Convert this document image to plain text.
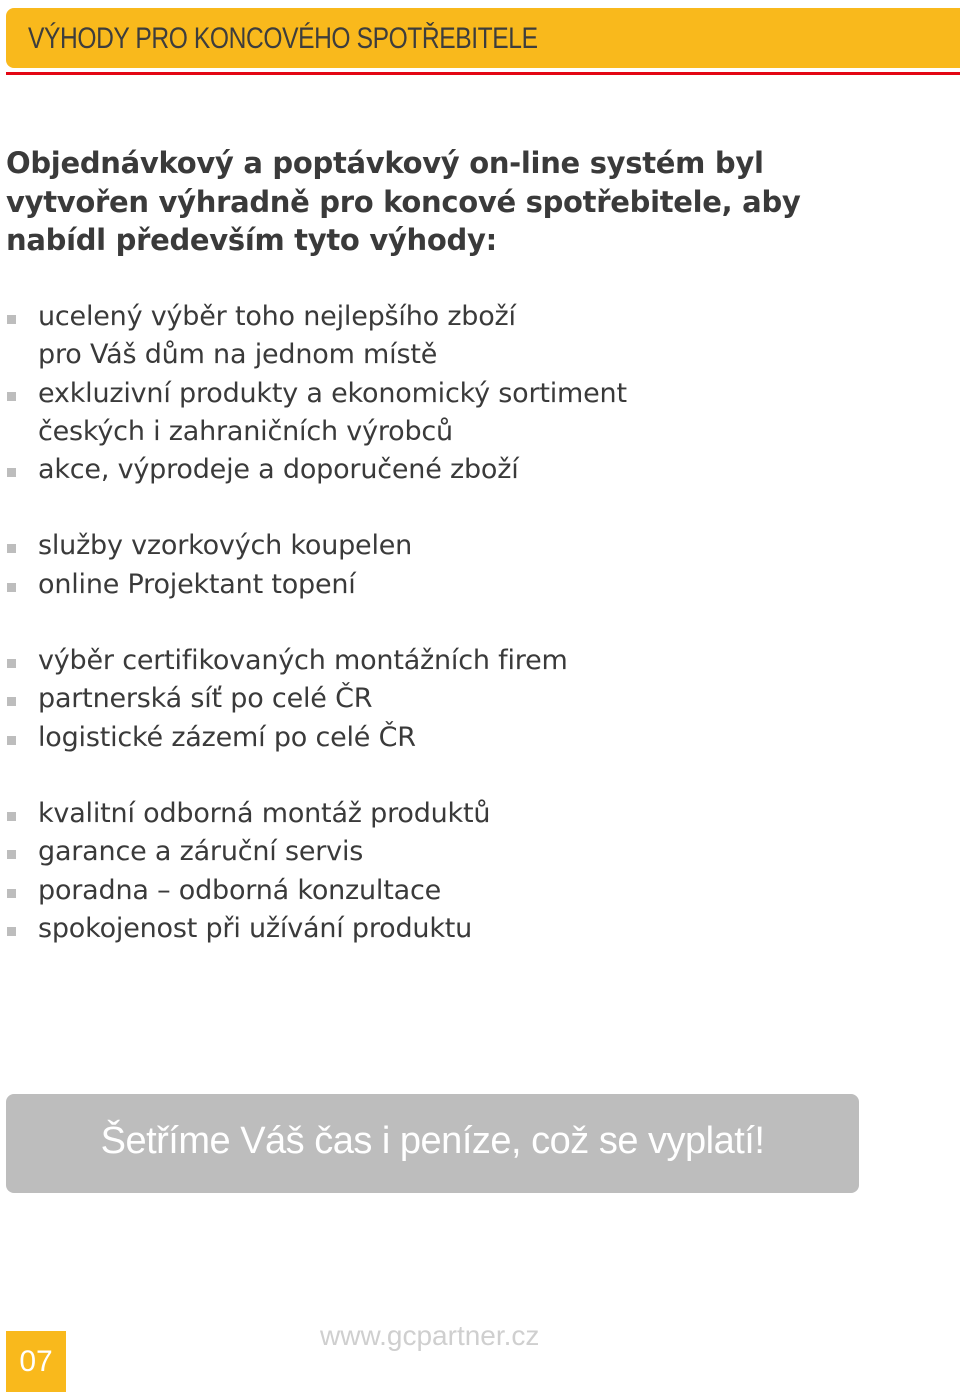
VÝHODY PRO KONCOVÉHO SPOTŘEBITELE

Objednávkový a poptávkový on-line systém byl vytvořen výhradně pro koncové spotřebitele, aby nabídl především tyto výhody:

ucelený výběr toho nejlepšího zboží
pro Váš dům na jednom místě
exkluzivní produkty a ekonomický sortiment
českých i zahraničních výrobců
akce, výprodeje a doporučené zboží
služby vzorkových koupelen
online Projektant topení
výběr certifikovaných montážních firem
partnerská síť po celé ČR
logistické zázemí po celé ČR
kvalitní odborná montáž produktů
garance a záruční servis
poradna – odborná konzultace
spokojenost při užívání produktu
Šetříme Váš čas i peníze, což se vyplatí!
07
www.gcpartner.cz
